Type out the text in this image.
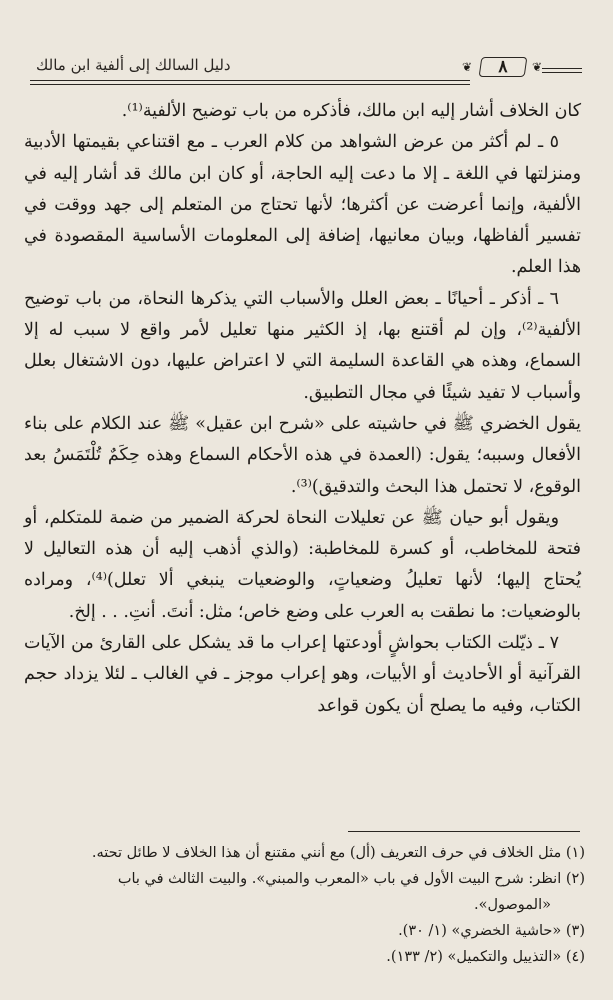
دليل السالك إلى ألفية ابن مالك	❦	٨	❦

كان الخلاف أشار إليه ابن مالك، فأذكره من باب توضيح الألفية⁽¹⁾.

٥ ـ لم أكثر من عرض الشواهد من كلام العرب ـ مع اقتناعي بقيمتها الأدبية ومنزلتها في اللغة ـ إلا ما دعت إليه الحاجة، أو كان ابن مالك قد أشار إليه في الألفية، وإنما أعرضت عن أكثرها؛ لأنها تحتاج من المتعلم إلى جهد ووقت في تفسير ألفاظها، وبيان معانيها، إضافة إلى المعلومات الأساسية المقصودة في هذا العلم.

٦ ـ أذكر ـ أحيانًا ـ بعض العلل والأسباب التي يذكرها النحاة، من باب توضيح الألفية⁽²⁾، وإن لم أقتنع بها، إذ الكثير منها تعليل لأمر واقع لا سبب له إلا السماع، وهذه هي القاعدة السليمة التي لا اعتراض عليها، دون الاشتغال بعلل وأسباب لا تفيد شيئًا في مجال التطبيق.

يقول الخضري ﷺ في حاشيته على «شرح ابن عقيل» ﷺ عند الكلام على بناء الأفعال وسببه؛ يقول: (العمدة في هذه الأحكام السماع وهذه حِكَمٌ تُلْتَمَسُ بعد الوقوع، لا تحتمل هذا البحث والتدقيق)⁽³⁾.

ويقول أبو حيان ﷺ عن تعليلات النحاة لحركة الضمير من ضمة للمتكلم، أو فتحة للمخاطب، أو كسرة للمخاطبة: (والذي أذهب إليه أن هذه التعاليل لا يُحتاج إليها؛ لأنها تعليلُ وضعياتٍ، والوضعيات ينبغي ألا تعلل)⁽⁴⁾، ومراده بالوضعيات: ما نطقت به العرب على وضع خاص؛ مثل: أنتَ. أنتِ. . . إلخ.

٧ ـ ذيّلت الكتاب بحواشٍ أودعتها إعراب ما قد يشكل على القارئ من الآيات القرآنية أو الأحاديث أو الأبيات، وهو إعراب موجز ـ في الغالب ـ لئلا يزداد حجم الكتاب، وفيه ما يصلح أن يكون قواعد

(١) مثل الخلاف في حرف التعريف (أل) مع أنني مقتنع أن هذا الخلاف لا طائل تحته.

(٢) انظر: شرح البيت الأول في باب «المعرب والمبني». والبيت الثالث في باب

«الموصول».

(٣) «حاشية الخضري» (١/ ٣٠).

(٤) «التذييل والتكميل» (٢/ ١٣٣).
